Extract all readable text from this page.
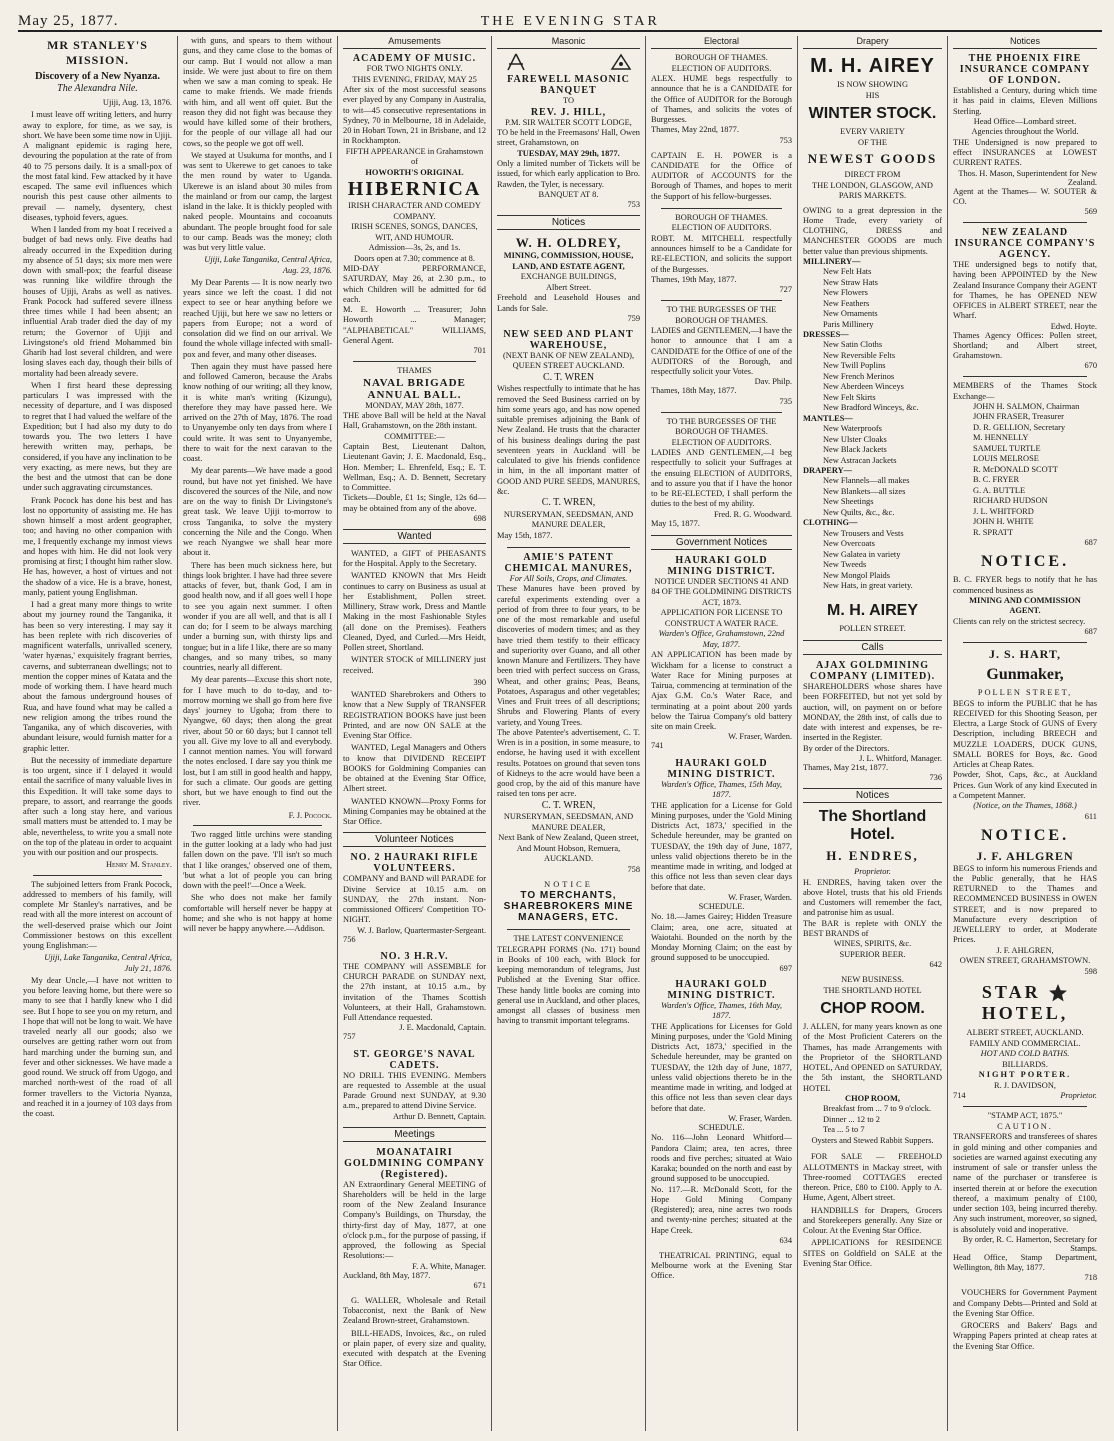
May 25, 1877.	THE EVENING STAR
MR STANLEY'S MISSION.
Discovery of a New Nyanza.
The Alexandra Nile.

Ujiji, Aug. 13, 1876.

I must leave off writing letters, and hurry away to explore, for time, as we say, is short. We have been some time now in Ujiji. A malignant epidemic is raging here, devouring the population at the rate of from 40 to 75 persons daily. It is a small-pox of the most fatal kind. Few attacked by it have escaped. The same evil influences which nourish this pest cause other ailments to prevail — namely, dysentery, chest diseases, typhoid fevers, agues.

When I landed from my boat I received a budget of bad news only. Five deaths had already occurred in the Expedition during my absence of 51 days; six more men were down with small-pox; the fearful disease was running like wildfire through the houses of Ujiji, Arabs as well as natives. Frank Pocock had suffered severe illness three times while I had been absent; an influential Arab trader died the day of my return; the Governor of Ujiji and Livingstone's old friend Mohammed bin Gharib had lost several children, and were losing slaves each day, though their bills of mortality had been already severe.

When I first heard these depressing particulars I was impressed with the necessity of departure, and I was disposed to regret that I had valued the welfare of the Expedition; but I had also my duty to do towards you. The two letters I have herewith written may, perhaps, be considered, if you have any inclination to be very exacting, as mere news, but they are the best and the utmost that can be done under such aggravating circumstances.

Frank Pocock has done his best and has lost no opportunity of assisting me. He has shown himself a most ardent geographer, too; and having no other companion with me, I frequently exchange my inmost views and hopes with him. He did not look very promising at first; I thought him rather slow. He has, however, a host of virtues and not the shadow of a vice. He is a brave, honest, manly, patient young Englishman.

I had a great many more things to write about my journey round the Tanganika, it has been so very interesting. I may say it has been replete with rich discoveries of magnificent waterfalls, unrivalled scenery, 'water hyænas,' exquisitely fragrant berries, caverns, and subterranean dwellings; not to mention the copper mines of Katata and the mode of working them. I have heard much about the famous underground houses of Rua, and have found what may be called a new religion among the tribes round the Tanganika, any of which discoveries, with abundant leisure, would furnish matter for a graphic letter.

But the necessity of immediate departure is too urgent, since if I delayed it would entail the sacrifice of many valuable lives in this Expedition. It will take some days to prepare, to assort, and rearrange the goods after such a long stay here, and various small matters must be attended to. I may be able, nevertheless, to write you a small note on the top of the plateau in order to acquaint you with our position and our prospects.

Henry M. Stanley.

The subjoined letters from Frank Pocock, addressed to members of his family, will complete Mr Stanley's narratives, and be read with all the more interest on account of the well-deserved praise which our Joint Commissioner bestows on this excellent young Englishman:—

Ujiji, Lake Tanganika, Central Africa, July 21, 1876.

My dear Uncle,—I have not written to you before leaving home, but there were so many to see that I hardly knew who I did see. But I hope to see you on my return, and I hope that will not be long to wait. We have traveled nearly all our goods; also we ourselves are getting rather worn out from hard marching under the burning sun, and fever and other sicknesses. We have made a good round. We struck off from Ugogo, and marched north-west of the road of all former travellers to the Victoria Nyanza, and reached it in a journey of 103 days from the coast.

with guns, and spears to them without guns, and they came close to the bomas of our camp. But I would not allow a man inside. We were just about to fire on them when we saw a man coming to speak. He came to make friends. We made friends with him, and all went off quiet. But the reason they did not fight was because they would have killed some of their brothers, for the people of our village all had our cows, so the people we got off well.

We stayed at Usukuma for months, and I was sent to Ukerewe to get canoes to take the men round by water to Uganda. Ukerewe is an island about 30 miles from the mainland or from our camp, the largest island in the lake. It is thickly peopled with naked people. Mountains and cocoanuts abundant. The people brought food for sale to our camp. Beads was the money; cloth was but very little value.

Ujiji, Lake Tanganika, Central Africa, Aug. 23, 1876.

My Dear Parents — It is now nearly two years since we left the coast. I did not expect to see or hear anything before we reached Ujiji, but here we saw no letters or papers from Europe; not a word of consolation did we find on our arrival. We found the whole village infected with small-pox and fever, and many other diseases.

Then again they must have passed here and followed Cameron, because the Arabs know nothing of our writing; all they know, it is white man's writing (Kizungu), therefore they may have passed here. We arrived on the 27th of May, 1876. The road to Unyanyembe only ten days from where I could write. It was sent to Unyanyembe, there to wait for the next caravan to the coast.

My dear parents—We have made a good round, but have not yet finished. We have discovered the sources of the Nile, and now are on the way to finish Dr Livingstone's great task. We leave Ujiji to-morrow to cross Tanganika, to solve the mystery concerning the Nile and the Congo. When we reach Nyangwe we shall hear more about it.

There has been much sickness here, but things look brighter. I have had three severe attacks of fever, but, thank God, I am in good health now, and if all goes well I hope to see you again next summer. I often wonder if you are all well, and that is all I can do; for I seem to be always marching under a burning sun, with thirsty lips and tongue; but in a life I like, there are so many changes, and so many tribes, so many countries, nearly all different.

My dear parents—Excuse this short note, for I have much to do to-day, and to-morrow morning we shall go from here five days' journey to Ugoha; from there to Nyangwe, 60 days; then along the great river, about 50 or 60 days; but I cannot tell you all. Give my love to all and everybody. I cannot mention names. You will forward the notes enclosed. I dare say you think me lost, but I am still in good health and happy, for such a climate. Our goods are getting short, but we have enough to find out the river.

F. J. Pocock.

Two ragged little urchins were standing in the gutter looking at a lady who had just fallen down on the pave. 'I'll isn't so much that I like oranges,' observed one of them, 'but what a lot of people you can bring down with the peel!'—Once a Week.

She who does not make her family comfortable will herself never be happy at home; and she who is not happy at home will never be happy anywhere.—Addison.

Amusements
ACADEMY OF MUSIC.
FOR TWO NIGHTS ONLY.
THIS EVENING, FRIDAY, MAY 25
After six of the most successful seasons ever played by any Company in Australia, to wit—45 consecutive representations in Sydney, 70 in Melbourne, 18 in Adelaide, 20 in Hobart Town, 21 in Brisbane, and 12 in Rockhampton.
FIFTH APPEARANCE in Grahamstown of
HOWORTH'S ORIGINAL
HIBERNICA
IRISH CHARACTER AND COMEDY COMPANY.
IRISH SCENES, SONGS, DANCES, WIT, AND HUMOUR.
Admission—3s, 2s, and 1s.
Doors open at 7.30; commence at 8.
MID-DAY PERFORMANCE, SATURDAY, May 26, at 2.30 p.m., to which Children will be admitted for 6d each.
M. E. Howorth ... Treasurer; John Howorth ... Manager; "ALPHABETICAL" WILLIAMS, General Agent.
701
THAMES
NAVAL BRIGADE ANNUAL BALL.
MONDAY, MAY 28th, 1877.
THE above Ball will be held at the Naval Hall, Grahamstown, on the 28th instant.
COMMITTEE:—
Captain Best, Lieutenant Dalton, Lieutenant Gavin; J. E. Macdonald, Esq., Hon. Member; L. Ehrenfeld, Esq.; E. T. Wellman, Esq.; A. D. Bennett, Secretary to Committee.
Tickets—Double, £1 1s; Single, 12s 6d—may be obtained from any of the above.
698
Wanted

WANTED, a GIFT of PHEASANTS for the Hospital. Apply to the Secretary.

WANTED KNOWN that Mrs Heidt continues to carry on Business as usual at her Establishment, Pollen street. Millinery, Straw work, Dress and Mantle Making in the most Fashionable Styles (all done on the Premises). Feathers Cleaned, Dyed, and Curled.—Mrs Heidt, Pollen street, Shortland.

WINTER STOCK of MILLINERY just received.

390

WANTED Sharebrokers and Others to know that a New Supply of TRANSFER REGISTRATION BOOKS have just been Printed, and are now ON SALE at the Evening Star Office.

WANTED, Legal Managers and Others to know that DIVIDEND RECEIPT BOOKS for Goldmining Companies can be obtained at the Evening Star Office, Albert street.

WANTED KNOWN—Proxy Forms for Mining Companies may be obtained at the Star Office.

Volunteer Notices
NO. 2 HAURAKI RIFLE VOLUNTEERS.
COMPANY and BAND will PARADE for Divine Service at 10.15 a.m. on SUNDAY, the 27th instant. Non-commissioned Officers' Competition TO-NIGHT.
W. J. Barlow, Quartermaster-Sergeant.
756
NO. 3 H.R.V.
THE COMPANY will ASSEMBLE for CHURCH PARADE on SUNDAY next, the 27th instant, at 10.15 a.m., by invitation of the Thames Scottish Volunteers, at their Hall, Grahamstown. Full Attendance requested.
J. E. Macdonald, Captain.
757
ST. GEORGE'S NAVAL CADETS.
NO DRILL THIS EVENING. Members are requested to Assemble at the usual Parade Ground next SUNDAY, at 9.30 a.m., prepared to attend Divine Service.
Arthur D. Bennett, Captain.
Meetings
MOANATAIRI GOLDMINING COMPANY (Registered).
AN Extraordinary General MEETING of Shareholders will be held in the large room of the New Zealand Insurance Company's Buildings, on Thursday, the thirty-first day of May, 1877, at one o'clock p.m., for the purpose of passing, if approved, the following as Special Resolutions:—
F. A. White, Manager.
Auckland, 8th May, 1877.
671

G. WALLER, Wholesale and Retail Tobacconist, next the Bank of New Zealand Brown-street, Grahamstown.

BILL-HEADS, Invoices, &c., on ruled or plain paper, of every size and quality, executed with despatch at the Evening Star Office.

Masonic
FAREWELL MASONIC BANQUET
TO
REV. J. HILL,
P.M. SIR WALTER SCOTT LODGE,
TO be held in the Freemasons' Hall, Owen street, Grahamstown, on
TUESDAY, MAY 29th, 1877.
Only a limited number of Tickets will be issued, for which early application to Bro. Rawden, the Tyler, is necessary.
BANQUET AT 8.
753
Notices
W. H. OLDREY,
MINING, COMMISSION, HOUSE, LAND, AND ESTATE AGENT,
EXCHANGE BUILDINGS,
Albert Street.
Freehold and Leasehold Houses and Lands for Sale.
759
NEW SEED AND PLANT WAREHOUSE,
(NEXT BANK OF NEW ZEALAND), QUEEN STREET AUCKLAND.
C. T. WREN
Wishes respectfully to intimate that he has removed the Seed Business carried on by him some years ago, and has now opened suitable premises adjoining the Bank of New Zealand. He trusts that the character of his business dealings during the past seventeen years in Auckland will be calculated to give his friends confidence in him, in the all important matter of GOOD AND PURE SEEDS, MANURES, &c.
C. T. WREN,
NURSERYMAN, SEEDSMAN, AND MANURE DEALER,
May 15th, 1877.
AMIE'S PATENT CHEMICAL MANURES,
For All Soils, Crops, and Climates.
These Manures have been proved by careful experiments extending over a period of from three to four years, to be one of the most remarkable and useful discoveries of modern times; and as they have tried them testify to their efficacy and superiority over Guano, and all other known Manure and Fertilizers. They have been tried with perfect success on Grass, Wheat, and other grains; Peas, Beans, Potatoes, Asparagus and other vegetables; Vines and Fruit trees of all descriptions; Shrubs and Flowering Plants of every variety, and Young Trees.
The above Patentee's advertisement, C. T. Wren is in a position, in some measure, to endorse, he having used it with excellent results. Potatoes on ground that seven tons of Kidneys to the acre would have been a good crop, by the aid of this manure have raised ten tons per acre.
C. T. WREN,
NURSERYMAN, SEEDSMAN, AND MANURE DEALER,
Next Bank of New Zealand, Queen street, And Mount Hobson, Remuera, AUCKLAND.
758
NOTICE
TO MERCHANTS, SHAREBROKERS MINE MANAGERS, ETC.
THE LATEST CONVENIENCE
TELEGRAPH FORMS (No. 171) bound in Books of 100 each, with Block for keeping memorandum of telegrams, Just Published at the Evening Star office. These handy little books are coming into general use in Auckland, and other places, amongst all classes of business men having to transmit important telegrams.
Electoral
BOROUGH OF THAMES.
ELECTION OF AUDITORS.
ALEX. HUME begs respectfully to announce that he is a CANDIDATE for the Office of AUDITOR for the Borough of Thames, and solicits the votes of Burgesses.
Thames, May 22nd, 1877.
753
CAPTAIN E. H. POWER is a CANDIDATE for the Office of AUDITOR of ACCOUNTS for the Borough of Thames, and hopes to merit the Support of his fellow-burgesses.
BOROUGH OF THAMES.
ELECTION OF AUDITORS.
ROBT. M. MITCHELL respectfully announces himself to be a Candidate for RE-ELECTION, and solicits the support of the Burgesses.
Thames, 19th May, 1877.
727
TO THE BURGESSES OF THE BOROUGH OF THAMES.
LADIES and GENTLEMEN,—I have the honor to announce that I am a CANDIDATE for the Office of one of the AUDITORS of the Borough, and respectfully solicit your Votes.
Dav. Philp.
Thames, 18th May, 1877.
735
TO THE BURGESSES OF THE BOROUGH OF THAMES.
ELECTION OF AUDITORS.
LADIES AND GENTLEMEN,—I beg respectfully to solicit your Suffrages at the ensuing ELECTION of AUDITORS, and to assure you that if I have the honor to be RE-ELECTED, I shall perform the duties to the best of my ability.
Fred. R. G. Woodward.
May 15, 1877.
Government Notices
HAURAKI GOLD MINING DISTRICT.
NOTICE UNDER SECTIONS 41 AND 84 OF THE GOLDMINING DISTRICTS ACT, 1873.
APPLICATION FOR LICENSE TO CONSTRUCT A WATER RACE.
Warden's Office, Grahamstown, 22nd May, 1877.
AN APPLICATION has been made by Wickham for a license to construct a Water Race for Mining purposes at Tairua, commencing at termination of the Ajax G.M. Co.'s Water Race, and terminating at a point about 200 yards below the Tairua Company's old battery site on main Creek.
W. Fraser, Warden.
741
HAURAKI GOLD MINING DISTRICT.
Warden's Office, Thames, 15th May, 1877.
THE application for a License for Gold Mining purposes, under the 'Gold Mining Districts Act, 1873,' specified in the Schedule hereunder, may be granted on TUESDAY, the 19th day of June, 1877, unless valid objections thereto be in the meantime made in writing, and lodged at this office not less than seven clear days before that date.
W. Fraser, Warden.
SCHEDULE.
No. 18.—James Gairey; Hidden Treasure Claim; area, one acre, situated at Waiotahi. Bounded on the north by the Monday Morning Claim; on the east by ground supposed to be unoccupied.
697
HAURAKI GOLD MINING DISTRICT.
Warden's Office, Thames, 16th May, 1877.
THE Applications for Licenses for Gold Mining purposes, under the 'Gold Mining Districts Act, 1873,' specified in the Schedule hereunder, may be granted on TUESDAY, the 12th day of June, 1877, unless valid objections thereto be in the meantime made in writing, and lodged at this office not less than seven clear days before that date.
W. Fraser, Warden.
SCHEDULE.
No. 116—John Leonard Whitford—Pandora Claim; area, ten acres, three roods and five perches; situated at Waio Karaka; bounded on the north and east by ground supposed to be unoccupied.
No. 117.—R. McDonald Scott, for the Hope Gold Mining Company (Registered); area, nine acres two roods and twenty-nine perches; situated at the Hape Creek.
634

THEATRICAL PRINTING, equal to Melbourne work at the Evening Star Office.

Drapery
M. H. AIREY
IS NOW SHOWING
HIS
WINTER STOCK.
EVERY VARIETY
OF THE
NEWEST GOODS
DIRECT FROM
THE LONDON, GLASGOW, AND PARIS MARKETS.
OWING to a great depression in the Home Trade, every variety of CLOTHING, DRESS and MANCHESTER GOODS are much better value than previous shipments.
MILLINERY—
New Felt Hats
New Straw Hats
New Flowers
New Feathers
New Ornaments
Paris Millinery
DRESSES—
New Satin Cloths
New Reversible Felts
New Twill Poplins
New French Merinos
New Aberdeen Winceys
New Felt Skirts
New Bradford Winceys, &c.
MANTLES—
New Waterproofs
New Ulster Cloaks
New Black Jackets
New Astracan Jackets
DRAPERY—
New Flannels—all makes
New Blankets—all sizes
New Sheetings
New Quilts, &c., &c.
CLOTHING—
New Trousers and Vests
New Overcoats
New Galatea in variety
New Tweeds
New Mongol Plaids
New Hats, in great variety.
M. H. AIREY
POLLEN STREET.
Calls
AJAX GOLDMINING COMPANY (LIMITED).
SHAREHOLDERS whose shares have been FORFEITED, but not yet sold by auction, will, on payment on or before MONDAY, the 28th inst, of calls due to date with interest and expenses, be re-inserted in the Register.
By order of the Directors.
J. L. Whitford, Manager.
Thames, May 21st, 1877.
736
Notices
The Shortland Hotel.
H. ENDRES,
Proprietor.
H. ENDRES, having taken over the above Hotel, trusts that his old Friends and Customers will remember the fact, and patronise him as usual.
The BAR is replete with ONLY the BEST BRANDS of
WINES, SPIRITS, &c.
SUPERIOR BEER.
642
NEW BUSINESS.
THE SHORTLAND HOTEL
CHOP ROOM.
J. ALLEN, for many years known as one of the Most Proficient Caterers on the Thames, has made Arrangements with the Proprietor of the SHORTLAND HOTEL, And OPENED on SATURDAY, the 5th instant, the SHORTLAND HOTEL
CHOP ROOM,
Breakfast from ... 7 to 9 o'clock.
Dinner ... 12 to 2
Tea ... 5 to 7
Oysters and Stewed Rabbit Suppers.

FOR SALE — FREEHOLD ALLOTMENTS in Mackay street, with Three-roomed COTTAGES erected thereon. Price, £80 to £100. Apply to A. Hume, Agent, Albert street.

HANDBILLS for Drapers, Grocers and Storekeepers generally. Any Size or Colour. At the Evening Star Office.

APPLICATIONS for RESIDENCE SITES on Goldfield on SALE at the Evening Star Office.

Notices
THE PHOENIX FIRE INSURANCE COMPANY OF LONDON.
Established a Century, during which time it has paid in claims, Eleven Millions Sterling.
Head Office—Lombard street.
Agencies throughout the World.
THE Undersigned is now prepared to effect INSURANCES at LOWEST CURRENT RATES.
Thos. H. Mason, Superintendent for New Zealand.
Agent at the Thames— W. SOUTER & CO.
569
NEW ZEALAND INSURANCE COMPANY'S AGENCY.
THE undersigned begs to notify that, having been APPOINTED by the New Zealand Insurance Company their AGENT for Thames, he has OPENED NEW OFFICES in ALBERT STREET, near the Wharf.
Edwd. Hoyte.
Thames Agency Offices: Pollen street, Shortland; and Albert street, Grahamstown.
670
MEMBERS of the Thames Stock Exchange—
JOHN H. SALMON, Chairman
JOHN FRASER, Treasurer
D. R. GELLION, Secretary
M. HENNELLY
SAMUEL TURTLE
LOUIS MELROSE
R. McDONALD SCOTT
B. C. FRYER
G. A. BUTTLE
RICHARD HUDSON
J. L. WHITFORD
JOHN H. WHITE
R. SPRATT
687
NOTICE.
B. C. FRYER begs to notify that he has commenced business as
MINING AND COMMISSION AGENT.
Clients can rely on the strictest secrecy.
687
J. S. HART,
Gunmaker,
POLLEN STREET,
BEGS to inform the PUBLIC that he has RECEIVED for this Shooting Season, per Electra, a Large Stock of GUNS of Every Description, including BREECH and MUZZLE LOADERS, DUCK GUNS, SMALL BORES for Boys, &c. Good Articles at Cheap Rates.
Powder, Shot, Caps, &c., at Auckland Prices. Gun Work of any kind Executed in a Competent Manner.
(Notice, on the Thames, 1868.)
611
NOTICE.
J. F. AHLGREN
BEGS to inform his numerous Friends and the Public generally, that he HAS RETURNED to the Thames and RECOMMENCED BUSINESS in OWEN STREET, and is now prepared to Manufacture every description of JEWELLERY to order, at Moderate Prices.
J. F. AHLGREN,
OWEN STREET, GRAHAMSTOWN.
598
STAR  HOTEL,
ALBERT STREET, AUCKLAND.
FAMILY AND COMMERCIAL.
HOT AND COLD BATHS.
BILLIARDS.
NIGHT PORTER.
R. J. DAVIDSON,
714	Proprietor.
"STAMP ACT, 1875."
CAUTION.
TRANSFERORS and transferees of shares in gold mining and other companies and societies are warned against executing any instrument of sale or transfer unless the name of the purchaser or transferee is inserted therein at or before the execution thereof, a maximum penalty of £100, under section 103, being incurred thereby. Any such instrument, moreover, so signed, is absolutely void and inoperative.
By order, R. C. Hamerton, Secretary for Stamps.
Head Office, Stamp Department, Wellington, 8th May, 1877.
718

VOUCHERS for Government Payment and Company Debts—Printed and Sold at the Evening Star Office.

GROCERS and Bakers' Bags and Wrapping Papers printed at cheap rates at the Evening Star Office.
